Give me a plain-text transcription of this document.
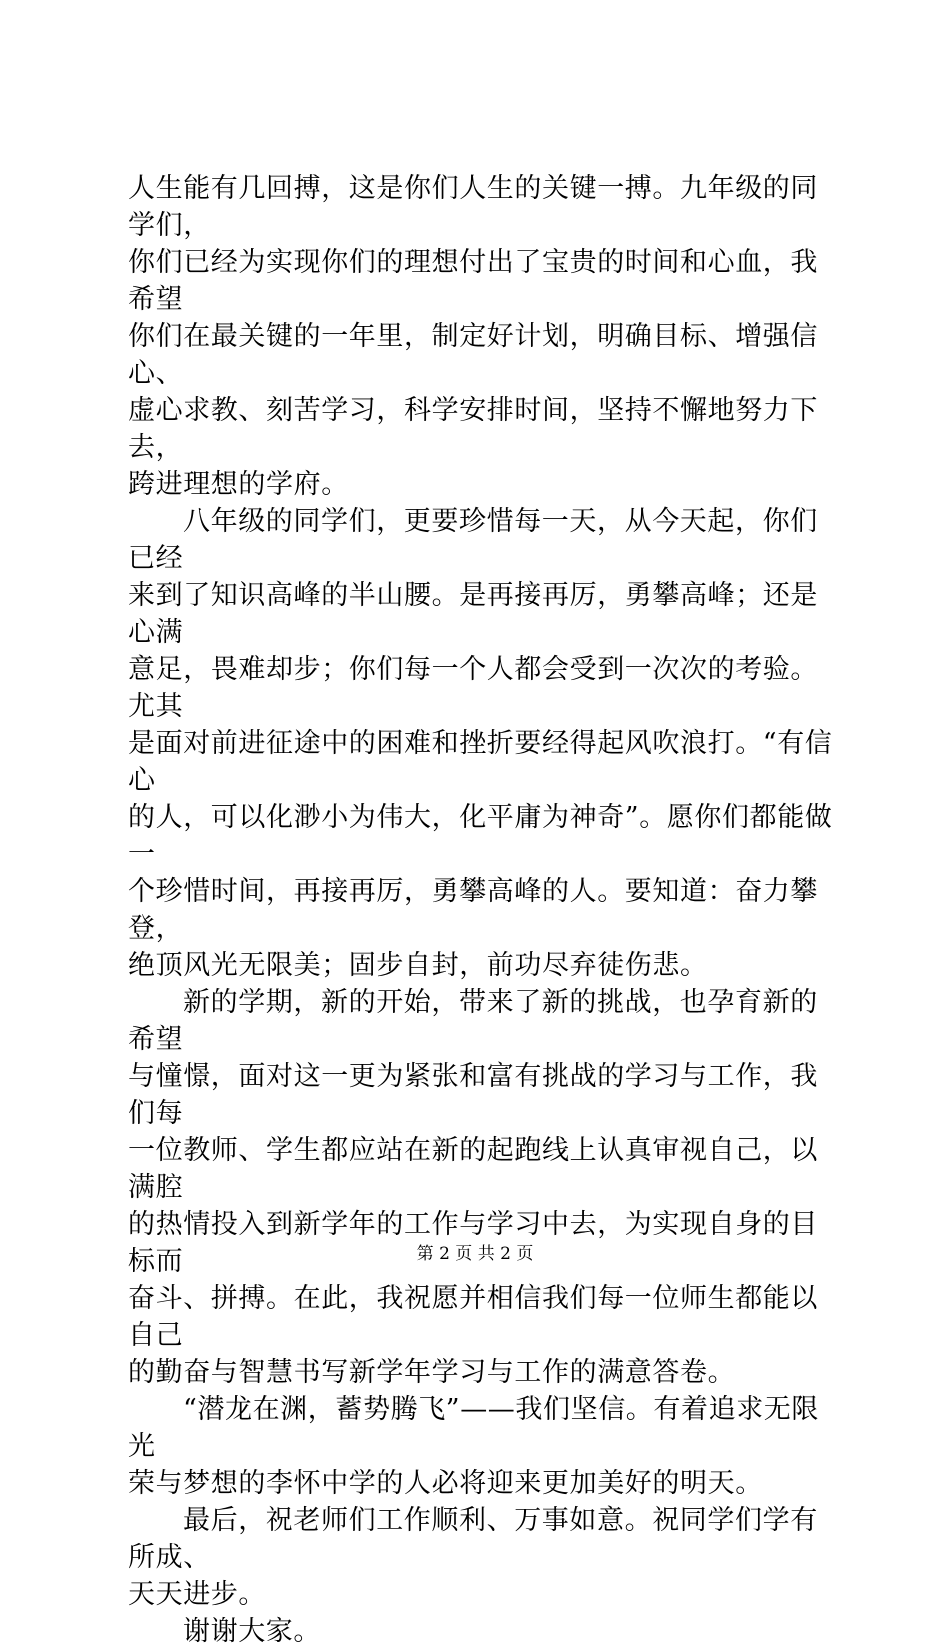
人生能有几回搏，这是你们人生的关键一搏。九年级的同学们，
你们已经为实现你们的理想付出了宝贵的时间和心血，我希望
你们在最关键的一年里，制定好计划，明确目标、增强信心、
虚心求教、刻苦学习，科学安排时间，坚持不懈地努力下去，
跨进理想的学府。

八年级的同学们，更要珍惜每一天，从今天起，你们已经
来到了知识高峰的半山腰。是再接再厉，勇攀高峰；还是心满
意足，畏难却步；你们每一个人都会受到一次次的考验。尤其
是面对前进征途中的困难和挫折要经得起风吹浪打。“有信心
的人，可以化渺小为伟大，化平庸为神奇”。愿你们都能做一
个珍惜时间，再接再厉，勇攀高峰的人。要知道：奋力攀登，
绝顶风光无限美；固步自封，前功尽弃徒伤悲。

新的学期，新的开始，带来了新的挑战，也孕育新的希望
与憧憬，面对这一更为紧张和富有挑战的学习与工作，我们每
一位教师、学生都应站在新的起跑线上认真审视自己，以满腔
的热情投入到新学年的工作与学习中去，为实现自身的目标而
奋斗、拼搏。在此，我祝愿并相信我们每一位师生都能以自己
的勤奋与智慧书写新学年学习与工作的满意答卷。

“潜龙在渊，蓄势腾飞”——我们坚信。有着追求无限光
荣与梦想的李怀中学的人必将迎来更加美好的明天。

最后，祝老师们工作顺利、万事如意。祝同学们学有所成、
天天进步。

谢谢大家。

第 2 页 共 2 页
